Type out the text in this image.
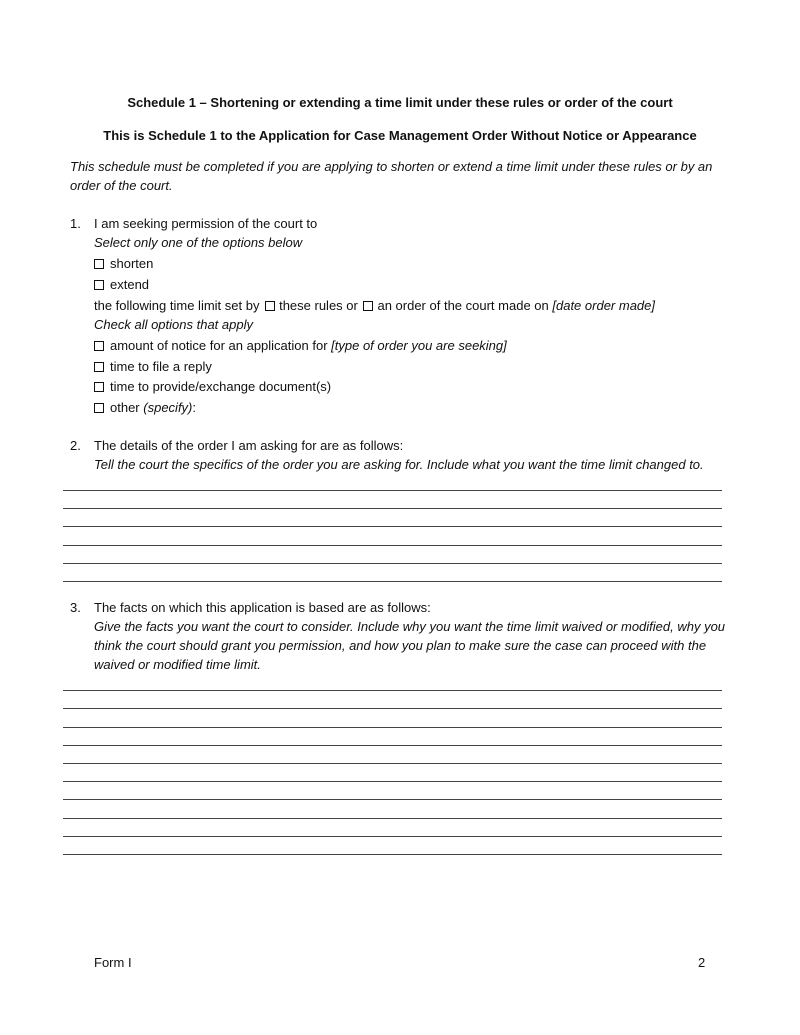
Schedule 1 – Shortening or extending a time limit under these rules or order of the court
This is Schedule 1 to the Application for Case Management Order Without Notice or Appearance
This schedule must be completed if you are applying to shorten or extend a time limit under these rules or by an order of the court.
1. I am seeking permission of the court to
Select only one of the options below
shorten
extend
the following time limit set by these rules or an order of the court made on [date order made]
Check all options that apply
amount of notice for an application for [type of order you are seeking]
time to file a reply
time to provide/exchange document(s)
other (specify):
2. The details of the order I am asking for are as follows:
Tell the court the specifics of the order you are asking for. Include what you want the time limit changed to.
3. The facts on which this application is based are as follows:
Give the facts you want the court to consider. Include why you want the time limit waived or modified, why you think the court should grant you permission, and how you plan to make sure the case can proceed with the waived or modified time limit.
Form I	2
